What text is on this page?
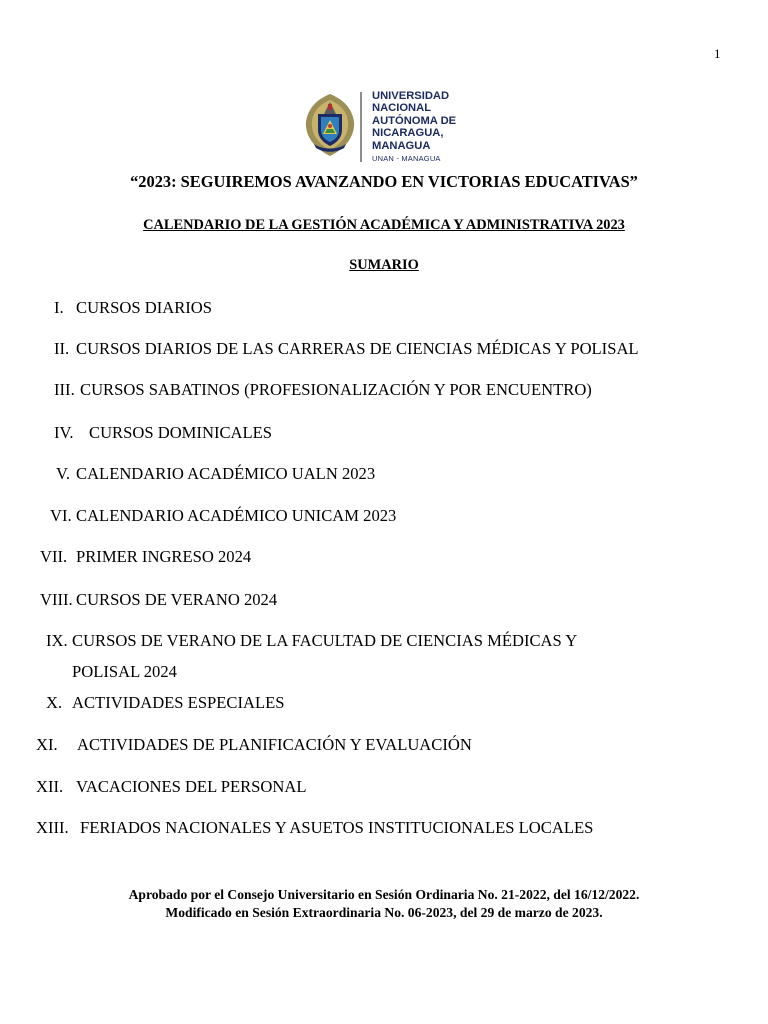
1
UNIVERSIDAD
NACIONAL
AUTÓNOMA DE
NICARAGUA,
MANAGUA
UNAN - MANAGUA
“2023: SEGUIREMOS AVANZANDO EN VICTORIAS EDUCATIVAS”
CALENDARIO DE LA GESTIÓN ACADÉMICA Y ADMINISTRATIVA 2023
SUMARIO
I. CURSOS DIARIOS
II. CURSOS DIARIOS DE LAS CARRERAS DE CIENCIAS MÉDICAS Y POLISAL
III. CURSOS SABATINOS (PROFESIONALIZACIÓN Y POR ENCUENTRO)
IV. CURSOS DOMINICALES
V. CALENDARIO ACADÉMICO UALN 2023
VI. CALENDARIO ACADÉMICO UNICAM 2023
VII. PRIMER INGRESO 2024
VIII. CURSOS DE VERANO 2024
IX. CURSOS DE VERANO DE LA FACULTAD DE CIENCIAS MÉDICAS Y
POLISAL 2024
X. ACTIVIDADES ESPECIALES
XI. ACTIVIDADES DE PLANIFICACIÓN Y EVALUACIÓN
XII. VACACIONES DEL PERSONAL
XIII. FERIADOS NACIONALES Y ASUETOS INSTITUCIONALES LOCALES
Aprobado por el Consejo Universitario en Sesión Ordinaria No. 21-2022, del 16/12/2022.
Modificado en Sesión Extraordinaria No. 06-2023, del 29 de marzo de 2023.
